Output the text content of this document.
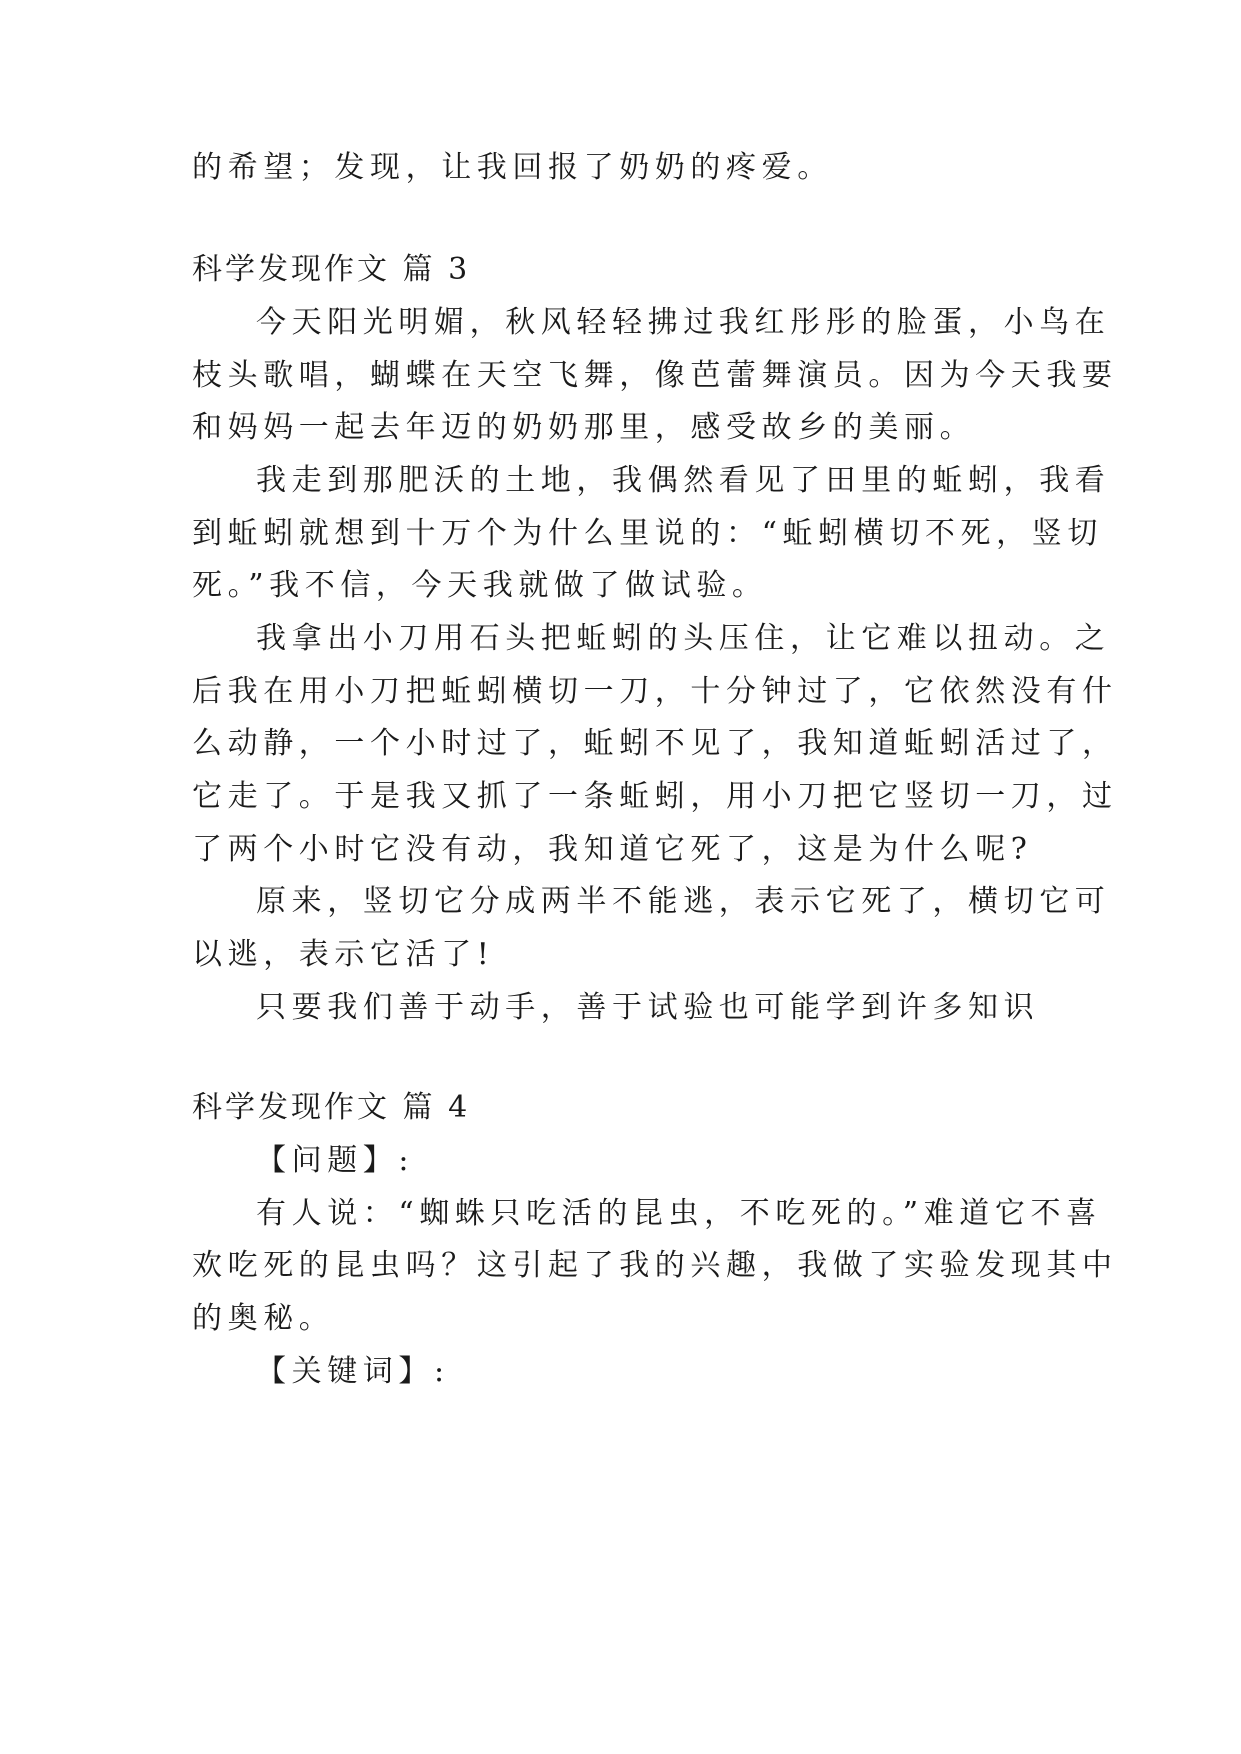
的希望；发现，让我回报了奶奶的疼爱。
科学发现作文 篇 3
今天阳光明媚，秋风轻轻拂过我红彤彤的脸蛋，小鸟在
枝头歌唱，蝴蝶在天空飞舞，像芭蕾舞演员。因为今天我要
和妈妈一起去年迈的奶奶那里，感受故乡的美丽。
我走到那肥沃的土地，我偶然看见了田里的蚯蚓，我看
到蚯蚓就想到十万个为什么里说的：“蚯蚓横切不死，竖切
死。”我不信，今天我就做了做试验。
我拿出小刀用石头把蚯蚓的头压住，让它难以扭动。之
后我在用小刀把蚯蚓横切一刀，十分钟过了，它依然没有什
么动静，一个小时过了，蚯蚓不见了，我知道蚯蚓活过了，
它走了。于是我又抓了一条蚯蚓，用小刀把它竖切一刀，过
了两个小时它没有动，我知道它死了，这是为什么呢?
原来，竖切它分成两半不能逃，表示它死了，横切它可
以逃，表示它活了!
只要我们善于动手，善于试验也可能学到许多知识
科学发现作文 篇 4
【问题】:
有人说：“蜘蛛只吃活的昆虫，不吃死的。”难道它不喜
欢吃死的昆虫吗？这引起了我的兴趣，我做了实验发现其中
的奥秘。
【关键词】:
